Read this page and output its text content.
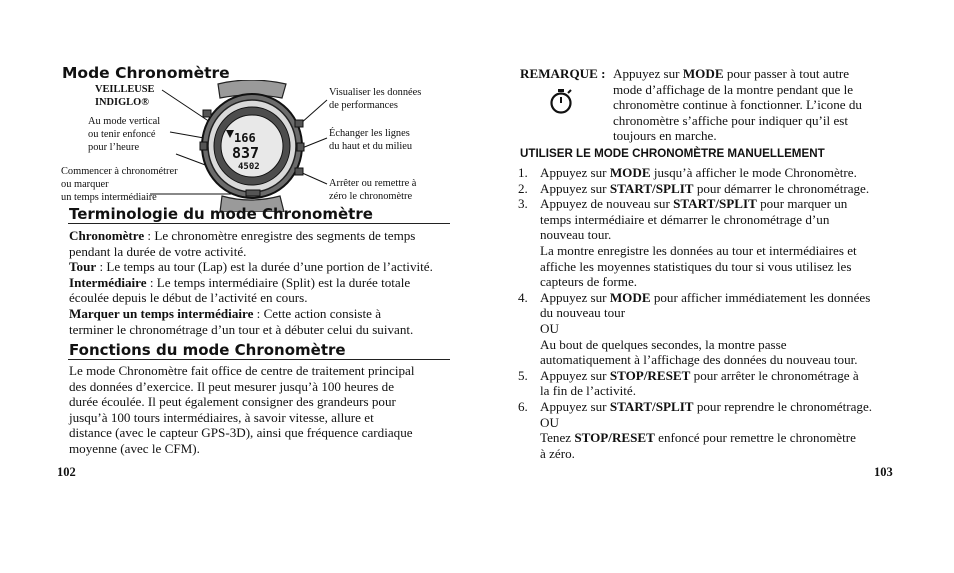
Mode Chronomètre
VEILLEUSE
INDIGLO®
Au mode vertical
ou tenir enfoncé
pour l’heure
Commencer à chronométrer
ou marquer
un temps intermédiaire
Visualiser les données
de performances
Échanger les lignes
du haut et du milieu
Arrêter ou remettre à
zéro le chronomètre
166
837
4502
Terminologie du mode Chronomètre
Chronomètre : Le chronomètre enregistre des segments de temps
pendant la durée de votre activité.
Tour : Le temps au tour (Lap) est la durée d’une portion de l’activité.
Intermédiaire : Le temps intermédiaire (Split) est la durée totale
écoulée depuis le début de l’activité en cours.
Marquer un temps intermédiaire : Cette action consiste à
terminer le chronométrage d’un tour et à débuter celui du suivant.
Fonctions du mode Chronomètre
Le mode Chronomètre fait office de centre de traitement principal
des données d’exercice. Il peut mesurer jusqu’à 100 heures de
durée écoulée. Il peut également consigner des grandeurs pour
jusqu’à 100 tours intermédiaires, à savoir vitesse, allure et
distance (avec le capteur GPS-3D), ainsi que fréquence cardiaque
moyenne (avec le CFM).
102
REMARQUE : Appuyez sur MODE pour passer à tout autre
mode d’affichage de la montre pendant que le
chronomètre continue à fonctionner. L’icone du
chronomètre s’affiche pour indiquer qu’il est
toujours en marche.
UTILISER LE MODE CHRONOMÈTRE MANUELLEMENT
1. Appuyez sur MODE jusqu’à afficher le mode Chronomètre.
2. Appuyez sur START/SPLIT pour démarrer le chronométrage.
3. Appuyez de nouveau sur START/SPLIT pour marquer un
temps intermédiaire et démarrer le chronométrage d’un
nouveau tour.
La montre enregistre les données au tour et intermédiaires et
affiche les moyennes statistiques du tour si vous utilisez les
capteurs de forme.
4. Appuyez sur MODE pour afficher immédiatement les données
du nouveau tour
OU
Au bout de quelques secondes, la montre passe
automatiquement à l’affichage des données du nouveau tour.
5. Appuyez sur STOP/RESET pour arrêter le chronométrage à
la fin de l’activité.
6. Appuyez sur START/SPLIT pour reprendre le chronométrage.
OU
Tenez STOP/RESET enfoncé pour remettre le chronomètre
à zéro.
103
